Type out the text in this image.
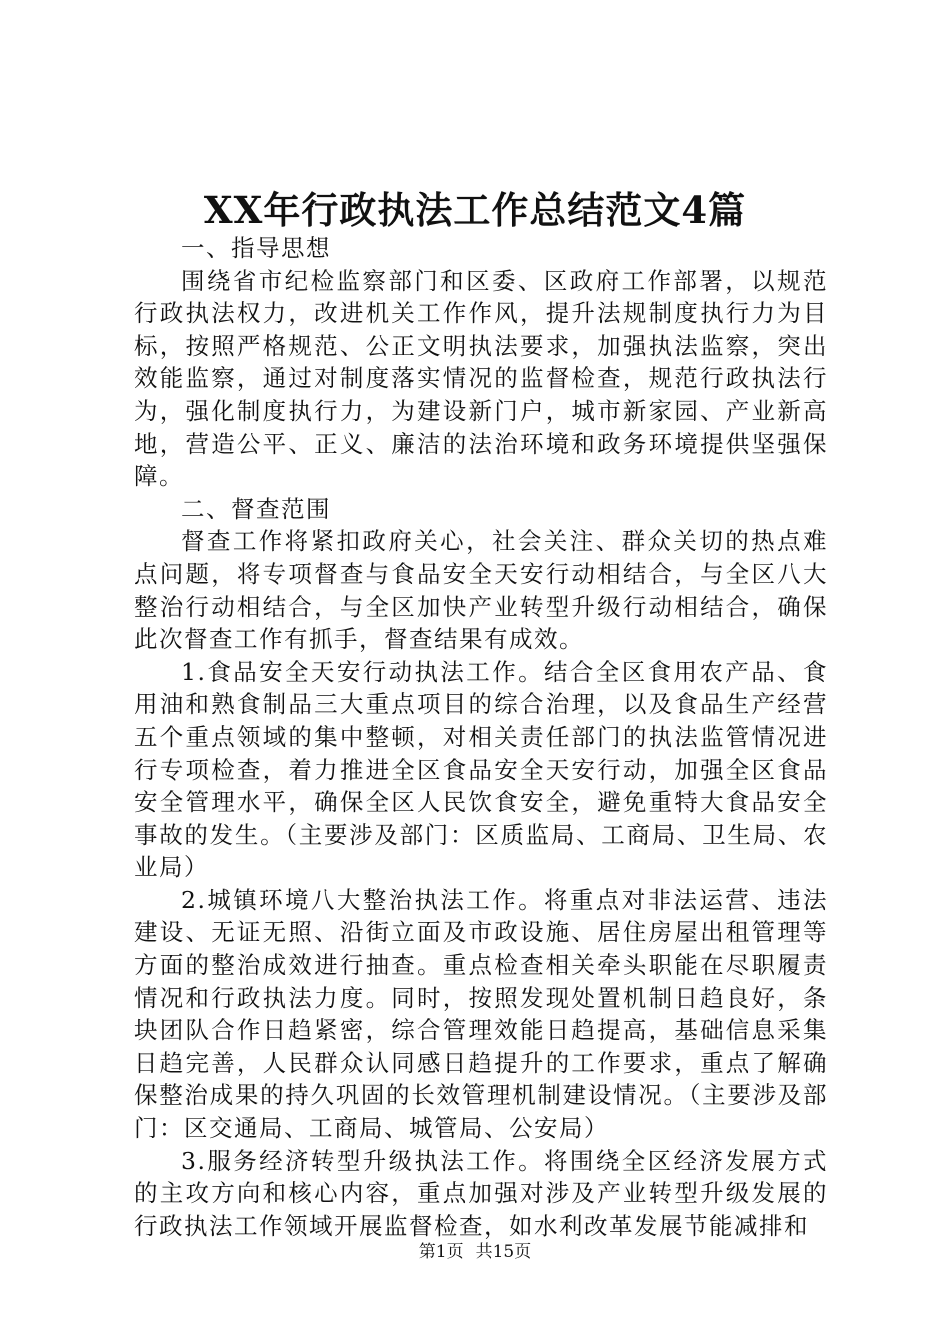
XX年行政执法工作总结范文4篇

一、指导思想

围绕省市纪检监察部门和区委、区政府工作部署，以规范行政执法权力，改进机关工作作风，提升法规制度执行力为目标，按照严格规范、公正文明执法要求，加强执法监察，突出效能监察，通过对制度落实情况的监督检查，规范行政执法行为，强化制度执行力，为建设新门户，城市新家园、产业新高地，营造公平、正义、廉洁的法治环境和政务环境提供坚强保障。

二、督查范围

督查工作将紧扣政府关心，社会关注、群众关切的热点难点问题，将专项督查与食品安全天安行动相结合，与全区八大整治行动相结合，与全区加快产业转型升级行动相结合，确保此次督查工作有抓手，督查结果有成效。

1.食品安全天安行动执法工作。结合全区食用农产品、食用油和熟食制品三大重点项目的综合治理，以及食品生产经营五个重点领域的集中整顿，对相关责任部门的执法监管情况进行专项检查，着力推进全区食品安全天安行动，加强全区食品安全管理水平，确保全区人民饮食安全，避免重特大食品安全事故的发生。（主要涉及部门：区质监局、工商局、卫生局、农业局）

2.城镇环境八大整治执法工作。将重点对非法运营、违法建设、无证无照、沿街立面及市政设施、居住房屋出租管理等方面的整治成效进行抽查。重点检查相关牵头职能在尽职履责情况和行政执法力度。同时，按照发现处置机制日趋良好，条块团队合作日趋紧密，综合管理效能日趋提高，基础信息采集日趋完善，人民群众认同感日趋提升的工作要求，重点了解确保整治成果的持久巩固的长效管理机制建设情况。（主要涉及部门：区交通局、工商局、城管局、公安局）

3.服务经济转型升级执法工作。将围绕全区经济发展方式的主攻方向和核心内容，重点加强对涉及产业转型升级发展的行政执法工作领域开展监督检查，如水利改革发展节能减排和

第1页 共15页
